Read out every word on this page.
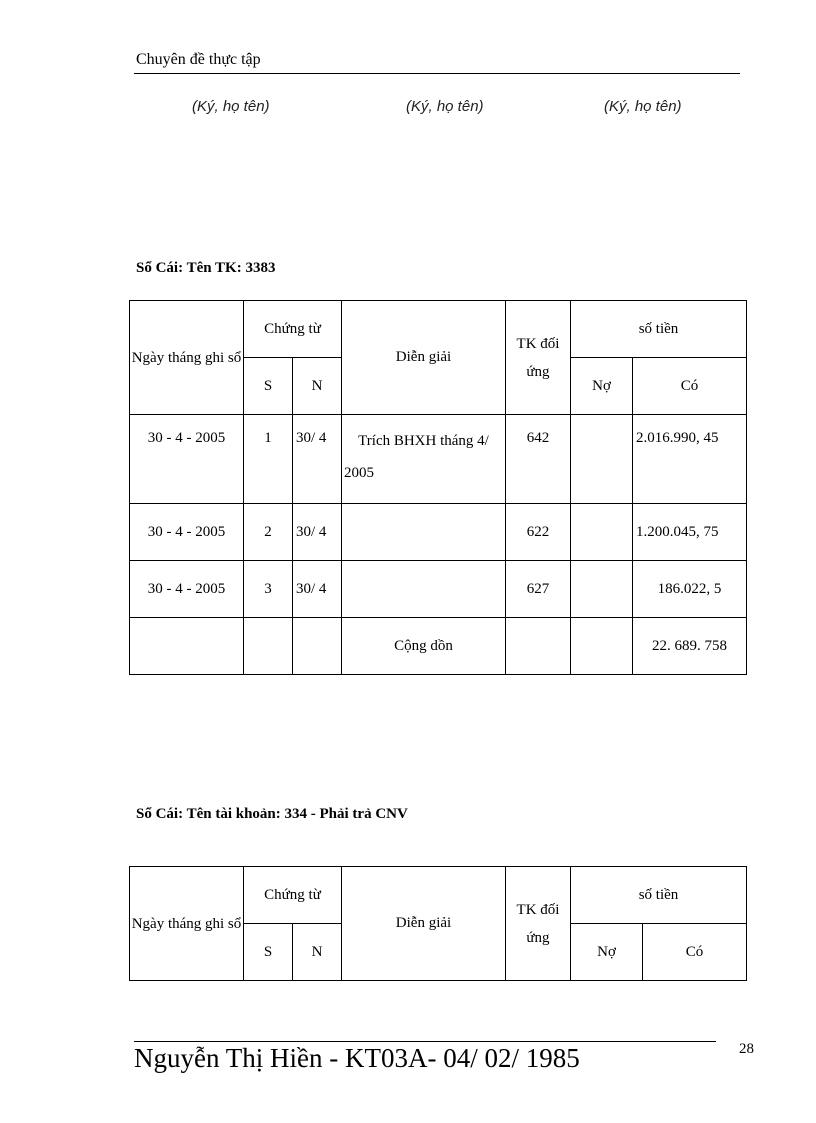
Chuyên đề thực tập
(Ký, họ tên)	(Ký, họ tên)	(Ký, họ tên)
Sổ Cái: Tên TK: 3383
Ngày tháng ghi sổ	Chứng từ		Diễn giải	TK đối ứng	số tiền	
	S	N			Nợ	Có
30 - 4 - 2005	1	30/ 4	Trích BHXH tháng 4/ 2005	642		2.016.990, 45
30 - 4 - 2005	2	30/ 4		622		1.200.045, 75
30 - 4 - 2005	3	30/ 4		627		186.022, 5
			Cộng dồn			22. 689. 758
Sổ Cái: Tên tài khoản: 334 - Phải trả CNV
Ngày tháng ghi sổ	Chứng từ		Diễn giải	TK đối ứng	số tiền	
	S	N			Nợ	Có
Nguyễn Thị Hiền - KT03A- 04/ 02/ 1985	28
